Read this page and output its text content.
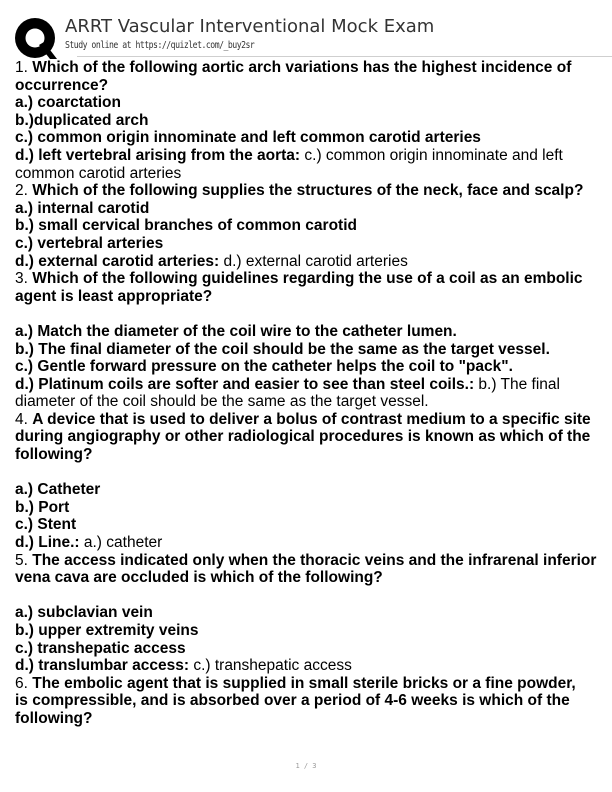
ARRT Vascular Interventional Mock Exam
Study online at https://quizlet.com/_buy2sr
1. Which of the following aortic arch variations has the highest incidence of
occurrence?
a.) coarctation
b.)duplicated arch
c.) common origin innominate and left common carotid arteries
d.) left vertebral arising from the aorta: c.) common origin innominate and left
common carotid arteries
2. Which of the following supplies the structures of the neck, face and scalp?
a.) internal carotid
b.) small cervical branches of common carotid
c.) vertebral arteries
d.) external carotid arteries: d.) external carotid arteries
3. Which of the following guidelines regarding the use of a coil as an embolic
agent is least appropriate?
a.) Match the diameter of the coil wire to the catheter lumen.
b.) The final diameter of the coil should be the same as the target vessel.
c.) Gentle forward pressure on the catheter helps the coil to "pack".
d.) Platinum coils are softer and easier to see than steel coils.: b.) The final
diameter of the coil should be the same as the target vessel.
4. A device that is used to deliver a bolus of contrast medium to a specific site
during angiography or other radiological procedures is known as which of the
following?
a.) Catheter
b.) Port
c.) Stent
d.) Line.: a.) catheter
5. The access indicated only when the thoracic veins and the infrarenal inferior
vena cava are occluded is which of the following?
a.) subclavian vein
b.) upper extremity veins
c.) transhepatic access
d.) translumbar access: c.) transhepatic access
6. The embolic agent that is supplied in small sterile bricks or a fine powder,
is compressible, and is absorbed over a period of 4-6 weeks is which of the
following?
1 / 3
